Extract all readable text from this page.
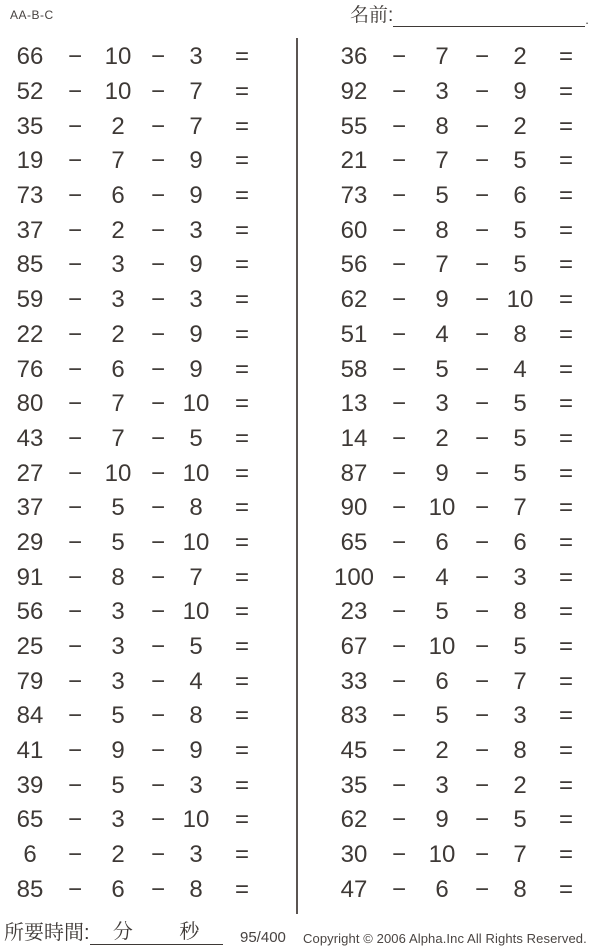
AA-B-C	名前:	.
66 − 10 − 3 =
52 − 10 − 7 =
35 − 2 − 7 =
19 − 7 − 9 =
73 − 6 − 9 =
37 − 2 − 3 =
85 − 3 − 9 =
59 − 3 − 3 =
22 − 2 − 9 =
76 − 6 − 9 =
80 − 7 − 10 =
43 − 7 − 5 =
27 − 10 − 10 =
37 − 5 − 8 =
29 − 5 − 10 =
91 − 8 − 7 =
56 − 3 − 10 =
25 − 3 − 5 =
79 − 3 − 4 =
84 − 5 − 8 =
41 − 9 − 9 =
39 − 5 − 3 =
65 − 3 − 10 =
6 − 2 − 3 =
85 − 6 − 8 =
36 − 7 − 2 =
92 − 3 − 9 =
55 − 8 − 2 =
21 − 7 − 5 =
73 − 5 − 6 =
60 − 8 − 5 =
56 − 7 − 5 =
62 − 9 − 10 =
51 − 4 − 8 =
58 − 5 − 4 =
13 − 3 − 5 =
14 − 2 − 5 =
87 − 9 − 5 =
90 − 10 − 7 =
65 − 6 − 6 =
100 − 4 − 3 =
23 − 5 − 8 =
67 − 10 − 5 =
33 − 6 − 7 =
83 − 5 − 3 =
45 − 2 − 8 =
35 − 3 − 2 =
62 − 9 − 5 =
30 − 10 − 7 =
47 − 6 − 8 =
所要時間: 分 秒	95/400 Copyright © 2006 Alpha.Inc All Rights Reserved.
